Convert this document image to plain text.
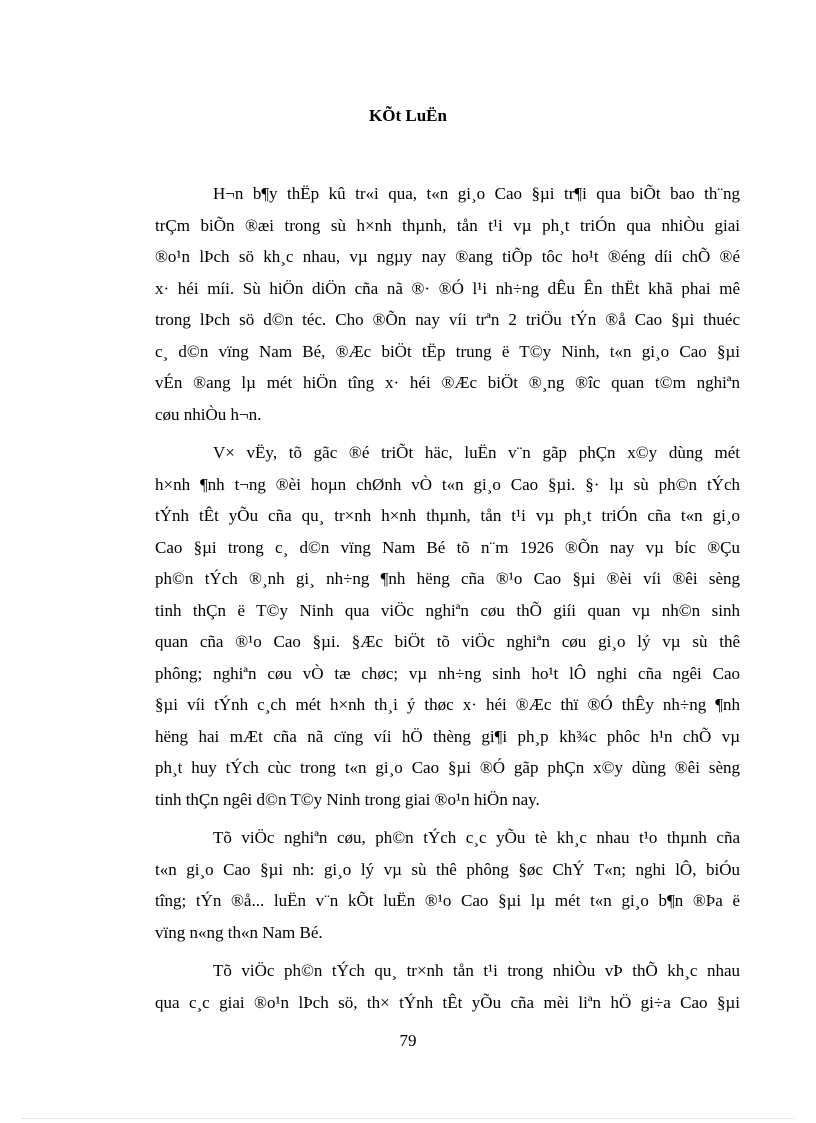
KÕt LuËn

H¬n b¶y thËp kû tr«i qua, t«n gi¸o Cao §µi tr¶i qua biÕt bao th¨ng
trÇm biÕn ®æi trong sù h×nh thµnh, tån t¹i vµ ph¸t triÓn qua nhiÒu giai
®o¹n lÞch sö kh¸c nhau, vµ ngµy nay ®ang tiÕp tôc ho¹t ®éng díi chÕ ®é
x· héi míi. Sù hiÖn diÖn cña nã ®· ®Ó l¹i nh÷ng dÊu Ên thËt khã phai mê
trong lÞch sö d©n téc. Cho ®Õn nay víi trªn 2 triÖu tÝn ®å Cao §µi thuéc
c¸ d©n vïng Nam Bé, ®Æc biÖt tËp trung ë T©y Ninh, t«n gi¸o Cao §µi
vÉn ®ang lµ mét hiÖn tîng x· héi ®Æc biÖt ®¸ng ®îc quan t©m nghiªn
cøu nhiÒu h¬n.

V× vËy, tõ gãc ®é triÕt häc, luËn v¨n gãp phÇn x©y dùng mét
h×nh ¶nh t¬ng ®èi hoµn chØnh vÒ t«n gi¸o Cao §µi. §· lµ sù ph©n tÝch
tÝnh tÊt yÕu cña qu¸ tr×nh h×nh thµnh, tån t¹i vµ ph¸t triÓn cña t«n gi¸o
Cao §µi trong c¸ d©n vïng Nam Bé tõ n¨m 1926 ®Õn nay vµ bíc ®Çu
ph©n tÝch ®¸nh gi¸ nh÷ng ¶nh hëng cña ®¹o Cao §µi ®èi víi ®êi sèng
tinh thÇn ë T©y Ninh qua viÖc nghiªn cøu thÕ giíi quan vµ nh©n sinh
quan cña ®¹o Cao §µi. §Æc biÖt tõ viÖc nghiªn cøu gi¸o lý vµ sù thê
phông; nghiªn cøu vÒ tæ chøc; vµ nh÷ng sinh ho¹t lÔ nghi cña ngêi Cao
§µi víi tÝnh c¸ch mét h×nh th¸i ý thøc x· héi ®Æc thï ®Ó thÊy nh÷ng ¶nh
hëng hai mÆt cña nã cïng víi hÖ thèng gi¶i ph¸p kh¾c phôc h¹n chÕ vµ
ph¸t huy tÝch cùc trong t«n gi¸o Cao §µi ®Ó gãp phÇn x©y dùng ®êi sèng
tinh thÇn ngêi d©n T©y Ninh trong giai ®o¹n hiÖn nay.

Tõ viÖc nghiªn cøu, ph©n tÝch c¸c yÕu tè kh¸c nhau t¹o thµnh cña
t«n gi¸o Cao §µi nh: gi¸o lý vµ sù thê phông §øc ChÝ T«n; nghi lÔ, biÓu
tîng; tÝn ®å... luËn v¨n kÕt luËn ®¹o Cao §µi lµ mét t«n gi¸o b¶n ®Þa ë
vïng n«ng th«n Nam Bé.

Tõ viÖc ph©n tÝch qu¸ tr×nh tån t¹i trong nhiÒu vÞ thÕ kh¸c nhau
qua c¸c giai ®o¹n lÞch sö, th× tÝnh tÊt yÕu cña mèi liªn hÖ gi÷a Cao §µi

79
